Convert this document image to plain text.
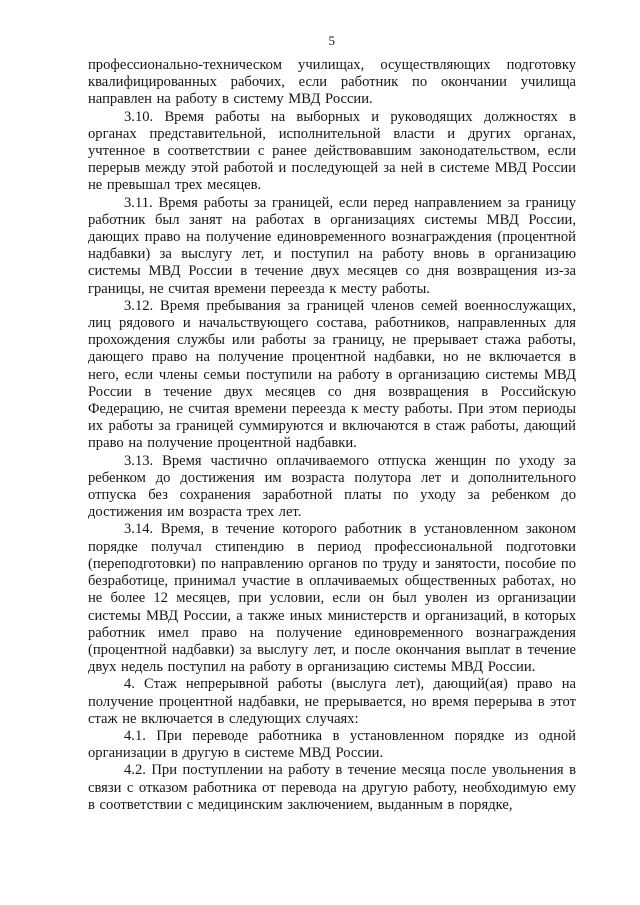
5

профессионально-техническом училищах, осуществляющих подготовку квалифицированных рабочих, если работник по окончании училища направлен на работу в систему МВД России.

3.10. Время работы на выборных и руководящих должностях в органах представительной, исполнительной власти и других органах, учтенное в соответствии с ранее действовавшим законодательством, если перерыв между этой работой и последующей за ней в системе МВД России не превышал трех месяцев.

3.11. Время работы за границей, если перед направлением за границу работник был занят на работах в организациях системы МВД России, дающих право на получение единовременного вознаграждения (процентной надбавки) за выслугу лет, и поступил на работу вновь в организацию системы МВД России в течение двух месяцев со дня возвращения из-за границы, не считая времени переезда к месту работы.

3.12. Время пребывания за границей членов семей военнослужащих, лиц рядового и начальствующего состава, работников, направленных для прохождения службы или работы за границу, не прерывает стажа работы, дающего право на получение процентной надбавки, но не включается в него, если члены семьи поступили на работу в организацию системы МВД России в течение двух месяцев со дня возвращения в Российскую Федерацию, не считая времени переезда к месту работы. При этом периоды их работы за границей суммируются и включаются в стаж работы, дающий право на получение процентной надбавки.

3.13. Время частично оплачиваемого отпуска женщин по уходу за ребенком до достижения им возраста полутора лет и дополнительного отпуска без сохранения заработной платы по уходу за ребенком до достижения им возраста трех лет.

3.14. Время, в течение которого работник в установленном законом порядке получал стипендию в период профессиональной подготовки (переподготовки) по направлению органов по труду и занятости, пособие по безработице, принимал участие в оплачиваемых общественных работах, но не более 12 месяцев, при условии, если он был уволен из организации системы МВД России, а также иных министерств и организаций, в которых работник имел право на получение единовременного вознаграждения (процентной надбавки) за выслугу лет, и после окончания выплат в течение двух недель поступил на работу в организацию системы МВД России.

4. Стаж непрерывной работы (выслуга лет), дающий(ая) право на получение процентной надбавки, не прерывается, но время перерыва в этот стаж не включается в следующих случаях:

4.1. При переводе работника в установленном порядке из одной организации в другую в системе МВД России.

4.2. При поступлении на работу в течение месяца после увольнения в связи с отказом работника от перевода на другую работу, необходимую ему в соответствии с медицинским заключением, выданным в порядке,
